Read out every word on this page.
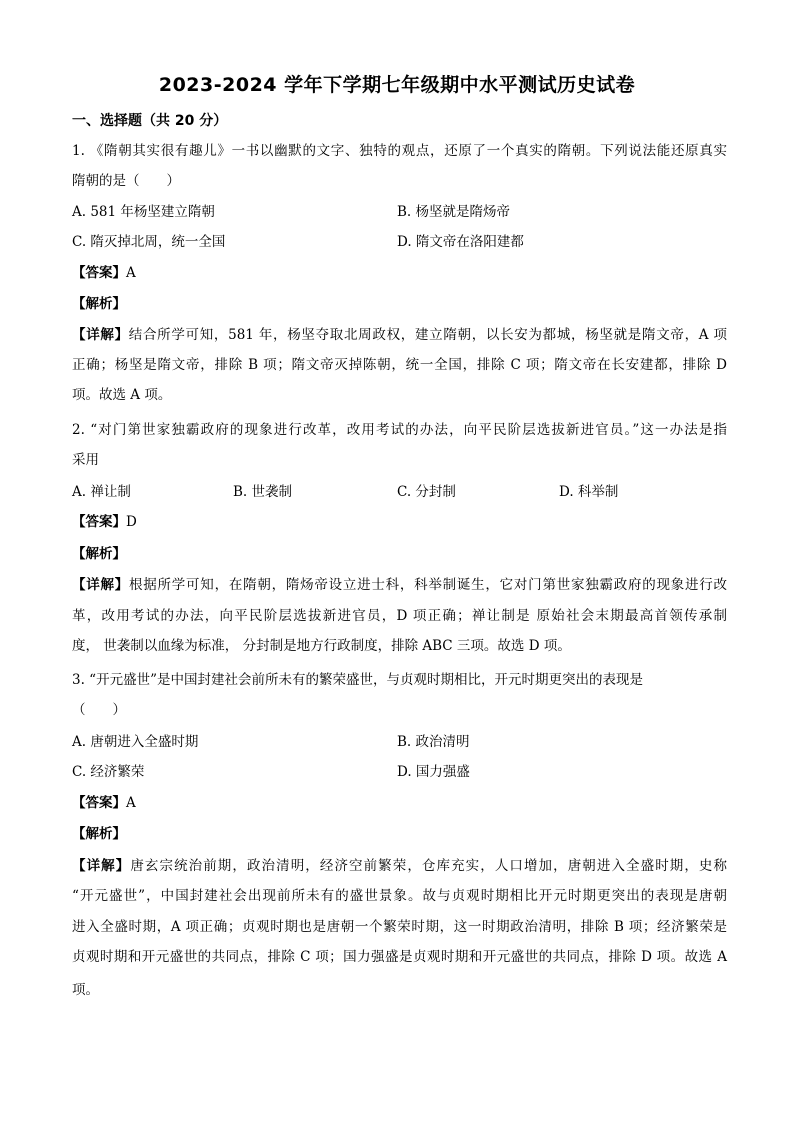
2023-2024 学年下学期七年级期中水平测试历史试卷
一、选择题（共 20 分）
1. 《隋朝其实很有趣儿》一书以幽默的文字、独特的观点，还原了一个真实的隋朝。下列说法能还原真实
隋朝的是（　　）
A. 581 年杨坚建立隋朝	B. 杨坚就是隋炀帝
C. 隋灭掉北周，统一全国	D. 隋文帝在洛阳建都
【答案】A
【解析】
【详解】结合所学可知，581 年，杨坚夺取北周政权，建立隋朝，以长安为都城，杨坚就是隋文帝，A 项
正确；杨坚是隋文帝，排除 B 项；隋文帝灭掉陈朝，统一全国，排除 C 项；隋文帝在长安建都，排除 D
项。故选 A 项。
2. “对门第世家独霸政府的现象进行改革，改用考试的办法，向平民阶层选拔新进官员。”这一办法是指
采用
A. 禅让制	B. 世袭制	C. 分封制	D. 科举制
【答案】D
【解析】
【详解】根据所学可知，在隋朝，隋炀帝设立进士科，科举制诞生，它对门第世家独霸政府的现象进行改
革，改用考试的办法，向平民阶层选拔新进官员，D 项正确；禅让制是 原始社会末期最高首领传承制
度， 世袭制以血缘为标准， 分封制是地方行政制度，排除 ABC 三项。故选 D 项。
3. “开元盛世”是中国封建社会前所未有的繁荣盛世，与贞观时期相比，开元时期更突出的表现是
（　　）
A. 唐朝进入全盛时期	B. 政治清明
C. 经济繁荣	D. 国力强盛
【答案】A
【解析】
【详解】唐玄宗统治前期，政治清明，经济空前繁荣，仓库充实，人口增加，唐朝进入全盛时期，史称
“开元盛世”，中国封建社会出现前所未有的盛世景象。故与贞观时期相比开元时期更突出的表现是唐朝
进入全盛时期，A 项正确；贞观时期也是唐朝一个繁荣时期，这一时期政治清明，排除 B 项；经济繁荣是
贞观时期和开元盛世的共同点，排除 C 项；国力强盛是贞观时期和开元盛世的共同点，排除 D 项。故选 A
项。
